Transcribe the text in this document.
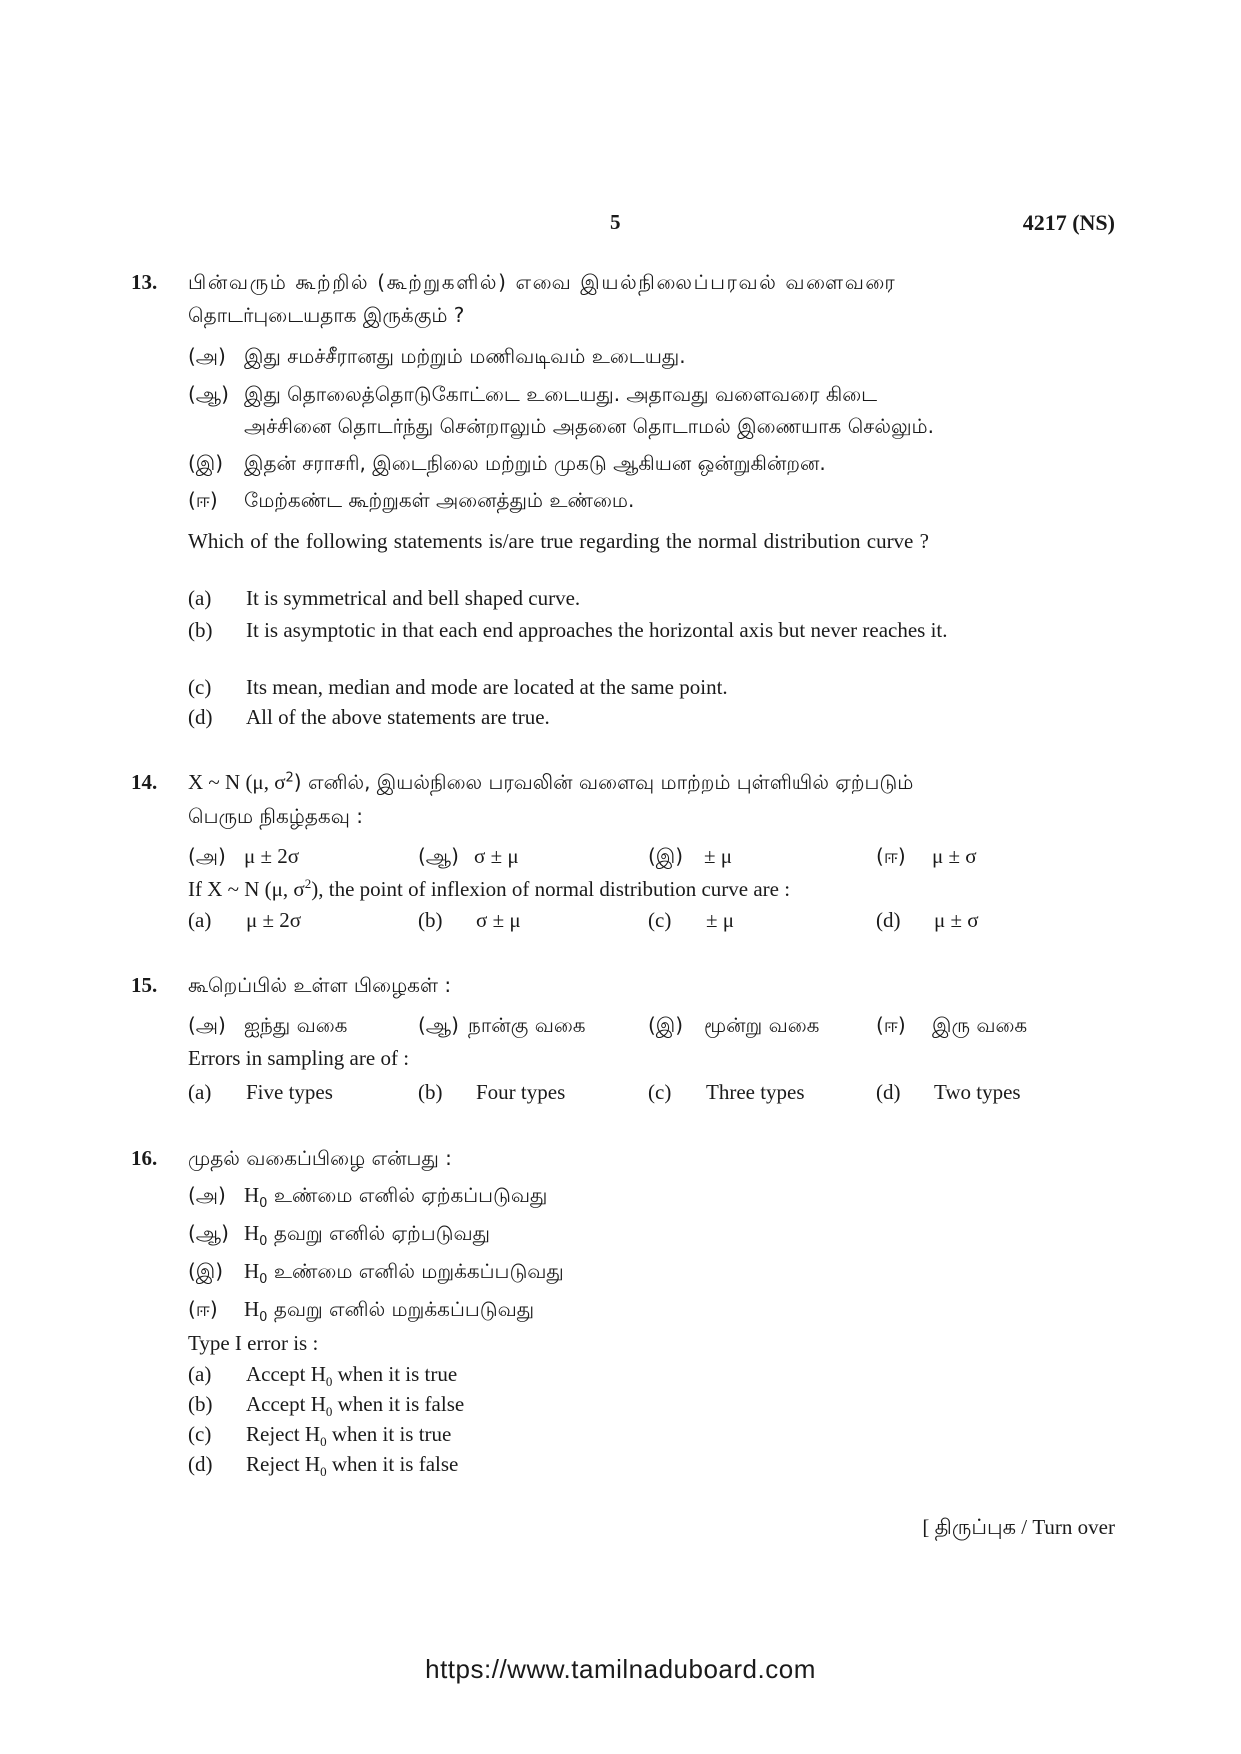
5	4217 (NS)
13. பின்வரும் கூற்றில் (கூற்றுகளில்) எவை இயல்நிலைப்பரவல் வளைவரை
தொடர்புடையதாக இருக்கும் ?
(அ) இது சமச்சீரானது மற்றும் மணிவடிவம் உடையது.
(ஆ) இது தொலைத்தொடுகோட்டை உடையது. அதாவது வளைவரை கிடை
அச்சினை தொடர்ந்து சென்றாலும் அதனை தொடாமல் இணையாக செல்லும்.
(இ) இதன் சராசரி, இடைநிலை மற்றும் முகடு ஆகியன ஒன்றுகின்றன.
(ஈ) மேற்கண்ட கூற்றுகள் அனைத்தும் உண்மை.
Which of the following statements is/are true regarding the normal distribution curve ?
(a) It is symmetrical and bell shaped curve.
(b)	It is asymptotic in that each end approaches the horizontal axis but never reaches it.
(c) Its mean, median and mode are located at the same point.
(d) All of the above statements are true.
14. X ~ N (μ, $\sigma^2$) எனில், இயல்நிலை பரவலின் வளைவு மாற்றம் புள்ளியில் ஏற்படும்
பெரும நிகழ்தகவு :
(அ) μ ± 2σ	(ஆ) σ ± μ	(இ) ± μ	(ஈ) μ ± σ
If X ~ N (μ, $\sigma^2$), the point of inflexion of normal distribution curve are :
(a) μ ± 2σ	(b) σ ± μ	(c) ± μ	(d) μ ± σ
15. கூறெப்பில் உள்ள பிழைகள் :
(அ) ஐந்து வகை	(ஆ) நான்கு வகை	(இ) மூன்று வகை	(ஈ) இரு வகை
Errors in sampling are of :
(a) Five types	(b) Four types	(c) Three types	(d) Two types
16. முதல் வகைப்பிழை என்பது :
(அ) $H_0$ உண்மை எனில் ஏற்கப்படுவது
(ஆ) $H_0$ தவறு எனில் ஏற்படுவது
(இ) $H_0$ உண்மை எனில் மறுக்கப்படுவது
(ஈ) $H_0$ தவறு எனில் மறுக்கப்படுவது
Type I error is :
(a) Accept $H_0$ when it is true
(b) Accept $H_0$ when it is false
(c) Reject $H_0$ when it is true
(d) Reject $H_0$ when it is false
[ திருப்புக / Turn over
https://www.tamilnaduboard.com
